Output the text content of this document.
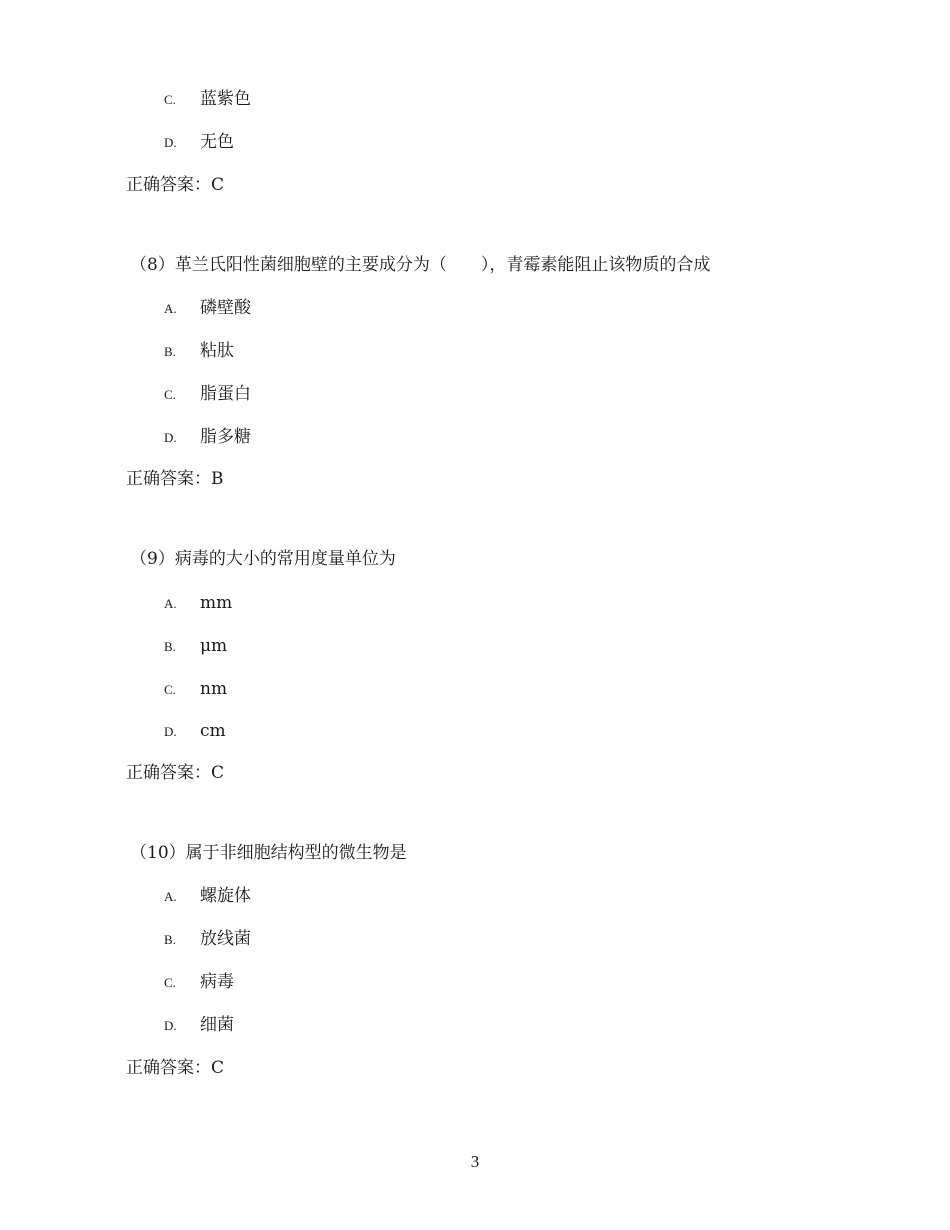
C. 蓝紫色
D. 无色
正确答案：C
（8）革兰氏阳性菌细胞壁的主要成分为（　　），青霉素能阻止该物质的合成
A. 磷壁酸
B. 粘肽
C. 脂蛋白
D. 脂多糖
正确答案：B
（9）病毒的大小的常用度量单位为
A. mm
B. μm
C. nm
D. cm
正确答案：C
（10）属于非细胞结构型的微生物是
A. 螺旋体
B. 放线菌
C. 病毒
D. 细菌
正确答案：C
3
